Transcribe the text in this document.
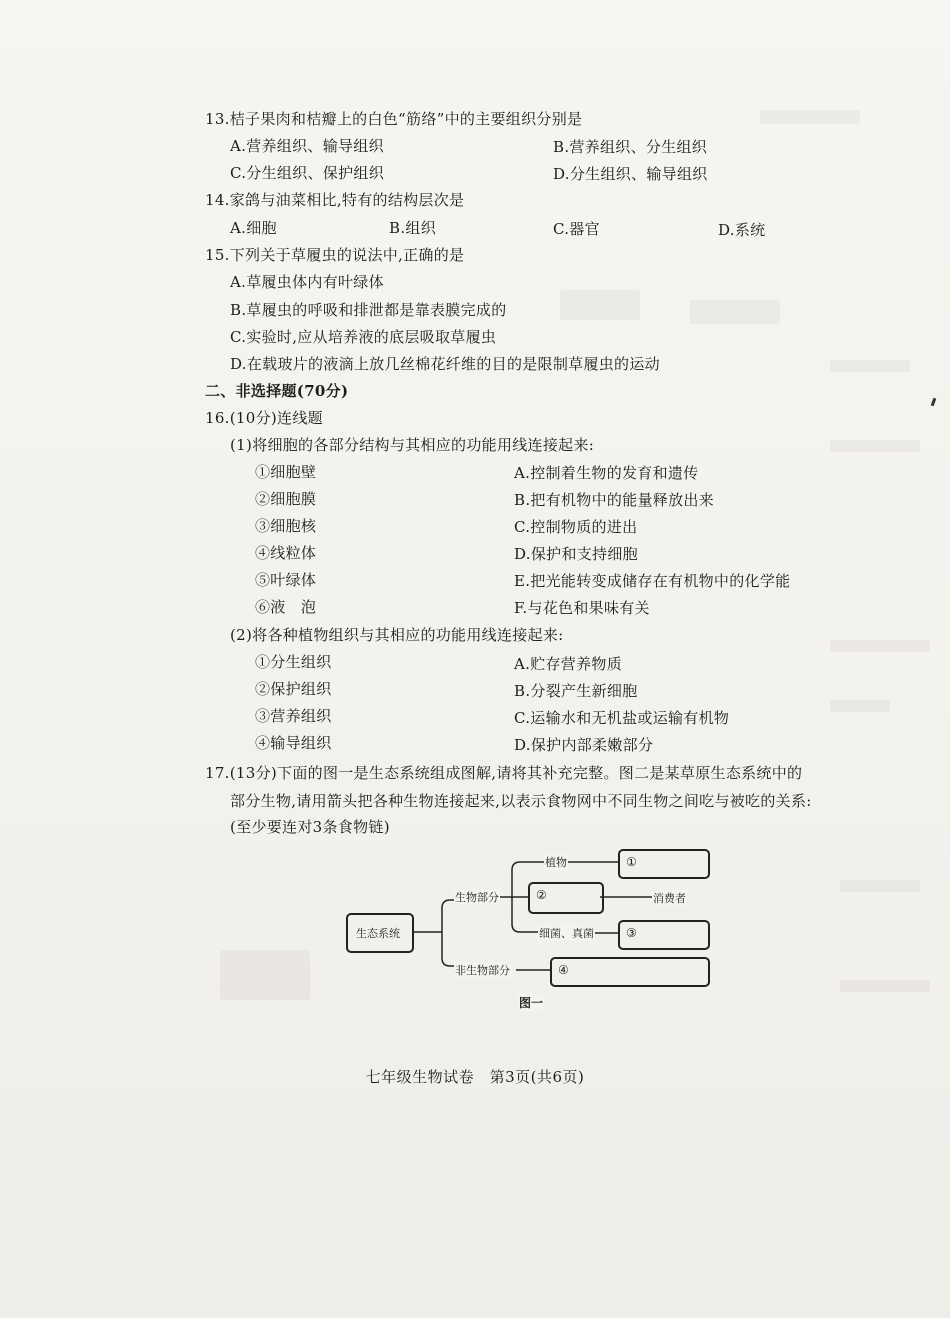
13.桔子果肉和桔瓣上的白色“筋络”中的主要组织分别是
A.营养组织、输导组织	B.营养组织、分生组织
C.分生组织、保护组织	D.分生组织、输导组织
14.家鸽与油菜相比,特有的结构层次是
A.细胞	B.组织	C.器官	D.系统
15.下列关于草履虫的说法中,正确的是
A.草履虫体内有叶绿体
B.草履虫的呼吸和排泄都是靠表膜完成的
C.实验时,应从培养液的底层吸取草履虫
D.在载玻片的液滴上放几丝棉花纤维的目的是限制草履虫的运动
二、非选择题(70分)
16.(10分)连线题
(1)将细胞的各部分结构与其相应的功能用线连接起来:
①细胞壁	A.控制着生物的发育和遗传
②细胞膜	B.把有机物中的能量释放出来
③细胞核	C.控制物质的进出
④线粒体	D.保护和支持细胞
⑤叶绿体	E.把光能转变成储存在有机物中的化学能
⑥液　泡	F.与花色和果味有关
(2)将各种植物组织与其相应的功能用线连接起来:
①分生组织	A.贮存营养物质
②保护组织	B.分裂产生新细胞
③营养组织	C.运输水和无机盐或运输有机物
④输导组织	D.保护内部柔嫩部分
17.(13分)下面的图一是生态系统组成图解,请将其补充完整。图二是某草原生态系统中的
部分生物,请用箭头把各种生物连接起来,以表示食物网中不同生物之间吃与被吃的关系:
(至少要连对3条食物链)
生态系统
生物部分
非生物部分
植物
细菌、真菌
消费者
①
②
③
④
图一
七年级生物试卷　第3页(共6页)
